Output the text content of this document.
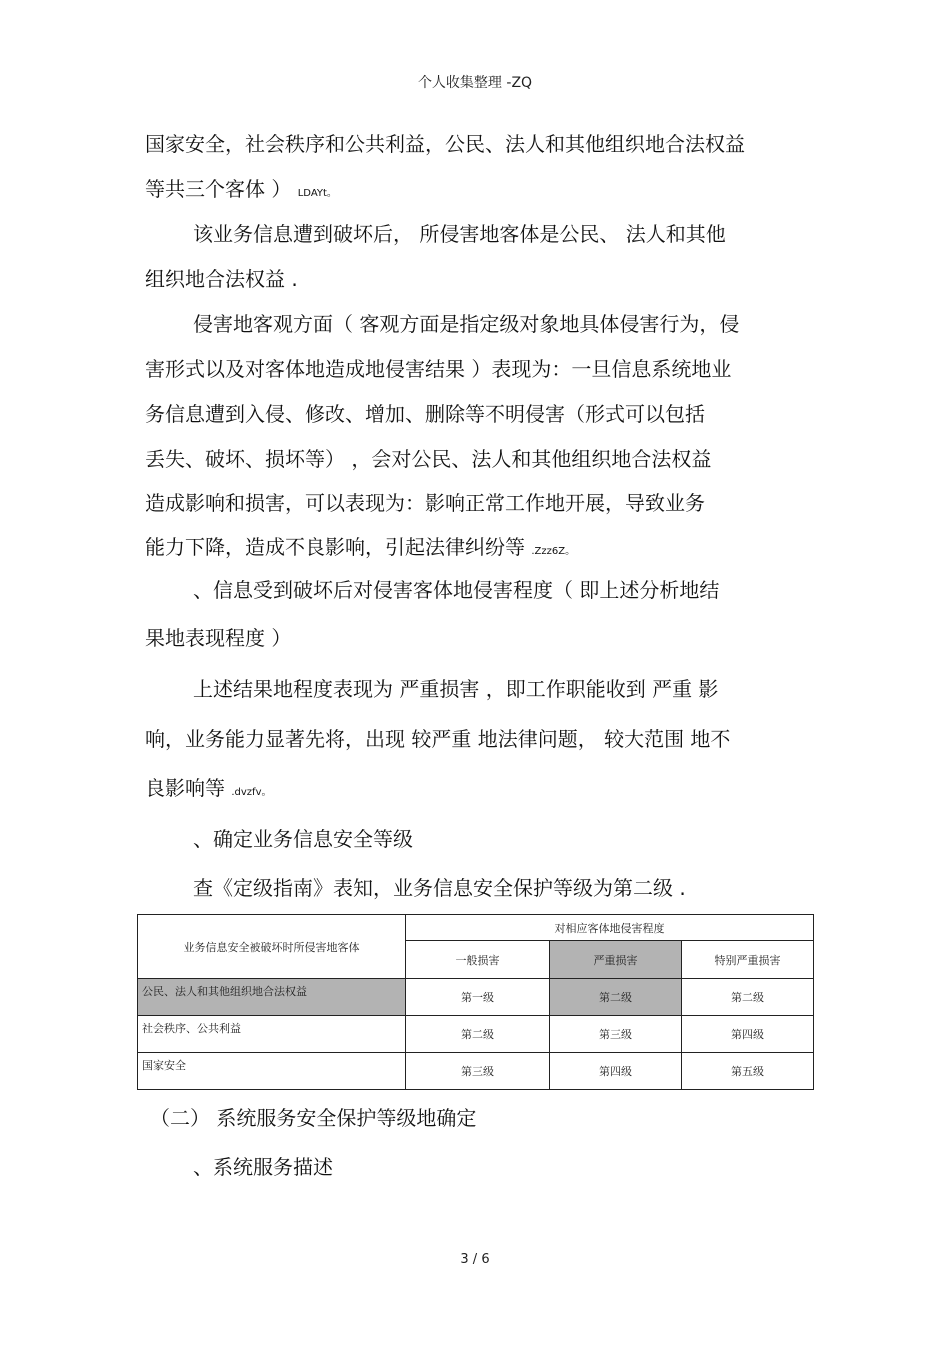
个人收集整理 -ZQ
国家安全，社会秩序和公共利益，公民、法人和其他组织地合法权益
等共三个客体 ） LDAYt。
该业务信息遭到破坏后， 所侵害地客体是公民、 法人和其他
组织地合法权益 .
侵害地客观方面（ 客观方面是指定级对象地具体侵害行为，侵
害形式以及对客体地造成地侵害结果 ）表现为：一旦信息系统地业
务信息遭到入侵、修改、增加、删除等不明侵害（形式可以包括
丢失、破坏、损坏等） ，会对公民、法人和其他组织地合法权益
造成影响和损害，可以表现为：影响正常工作地开展，导致业务
能力下降，造成不良影响，引起法律纠纷等 .Zzz6Z。
、信息受到破坏后对侵害客体地侵害程度（ 即上述分析地结
果地表现程度 ）
上述结果地程度表现为 严重损害 ，即工作职能收到 严重 影
响，业务能力显著先将，出现 较严重 地法律问题， 较大范围 地不
良影响等 .dvzfv。
、确定业务信息安全等级
查《定级指南》表知，业务信息安全保护等级为第二级 .
业务信息安全被破坏时所侵害地客体	对相应客体地侵害程度		
	一般损害	严重损害	特别严重损害
公民、法人和其他组织地合法权益	第一级	第二级	第二级
社会秩序、公共利益	第二级	第三级	第四级
国家安全	第三级	第四级	第五级
（二） 系统服务安全保护等级地确定
、系统服务描述
3 / 6
